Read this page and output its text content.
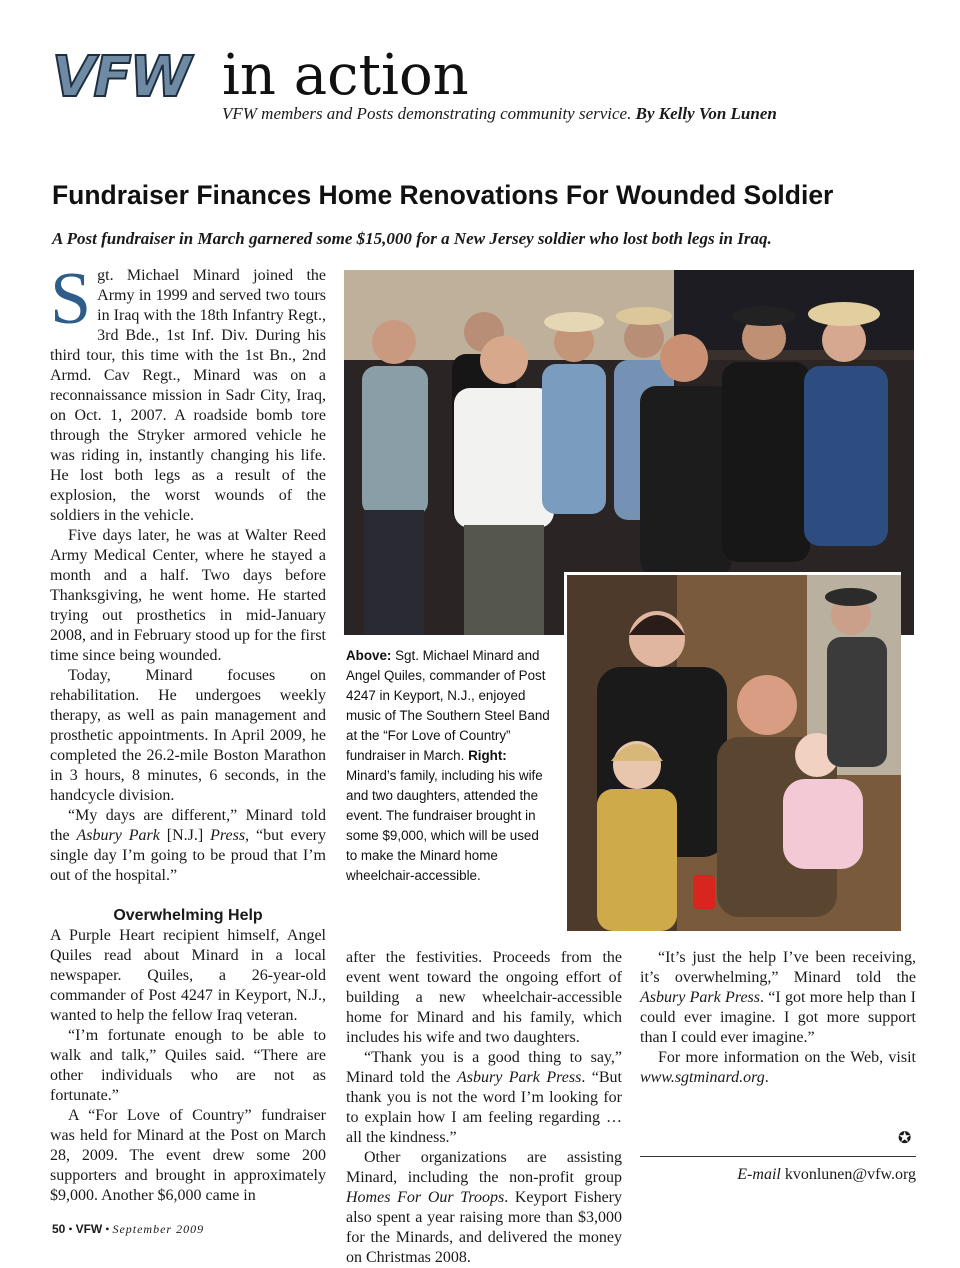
VFW in action
VFW members and Posts demonstrating community service. By Kelly Von Lunen
Fundraiser Finances Home Renovations For Wounded Soldier
A Post fundraiser in March garnered some $15,000 for a New Jersey soldier who lost both legs in Iraq.

Sgt. Michael Minard joined the Army in 1999 and served two tours in Iraq with the 18th Infantry Regt., 3rd Bde., 1st Inf. Div. During his third tour, this time with the 1st Bn., 2nd Armd. Cav Regt., Minard was on a reconnaissance mission in Sadr City, Iraq, on Oct. 1, 2007. A roadside bomb tore through the Stryker armored vehicle he was riding in, instantly changing his life. He lost both legs as a result of the explosion, the worst wounds of the soldiers in the vehicle.

Five days later, he was at Walter Reed Army Medical Center, where he stayed a month and a half. Two days before Thanksgiving, he went home. He started trying out prosthetics in mid-January 2008, and in February stood up for the first time since being wounded.

Today, Minard focuses on rehabilitation. He undergoes weekly therapy, as well as pain management and prosthetic appointments. In April 2009, he completed the 26.2-mile Boston Marathon in 3 hours, 8 minutes, 6 seconds, in the handcycle division.

“My days are different,” Minard told the Asbury Park [N.J.] Press, “but every single day I’m going to be proud that I’m out of the hospital.”

Overwhelming Help

A Purple Heart recipient himself, Angel Quiles read about Minard in a local newspaper. Quiles, a 26-year-old commander of Post 4247 in Keyport, N.J., wanted to help the fellow Iraq veteran.

“I’m fortunate enough to be able to walk and talk,” Quiles said. “There are other individuals who are not as fortunate.”

A “For Love of Country” fundraiser was held for Minard at the Post on March 28, 2009. The event drew some 200 supporters and brought in approximately $9,000. Another $6,000 came in

after the festivities. Proceeds from the event went toward the ongoing effort of building a new wheelchair-accessible home for Minard and his family, which includes his wife and two daughters.

“Thank you is a good thing to say,” Minard told the Asbury Park Press. “But thank you is not the word I’m looking for to explain how I am feeling regarding … all the kindness.”

Other organizations are assisting Minard, including the non-profit group Homes For Our Troops. Keyport Fishery also spent a year raising more than $3,000 for the Minards, and delivered the money on Christmas 2008.

“It’s just the help I’ve been receiving, it’s overwhelming,” Minard told the Asbury Park Press. “I got more help than I could ever imagine. I got more support than I could ever imagine.”

For more information on the Web, visit www.sgtminard.org.

✪
E-mail kvonlunen@vfw.org
Above: Sgt. Michael Minard and Angel Quiles, commander of Post 4247 in Keyport, N.J., enjoyed music of The Southern Steel Band at the “For Love of Country” fundraiser in March. Right: Minard’s family, including his wife and two daughters, attended the event. The fundraiser brought in some $9,000, which will be used to make the Minard home wheelchair-accessible.
50 • VFW • September 2009
